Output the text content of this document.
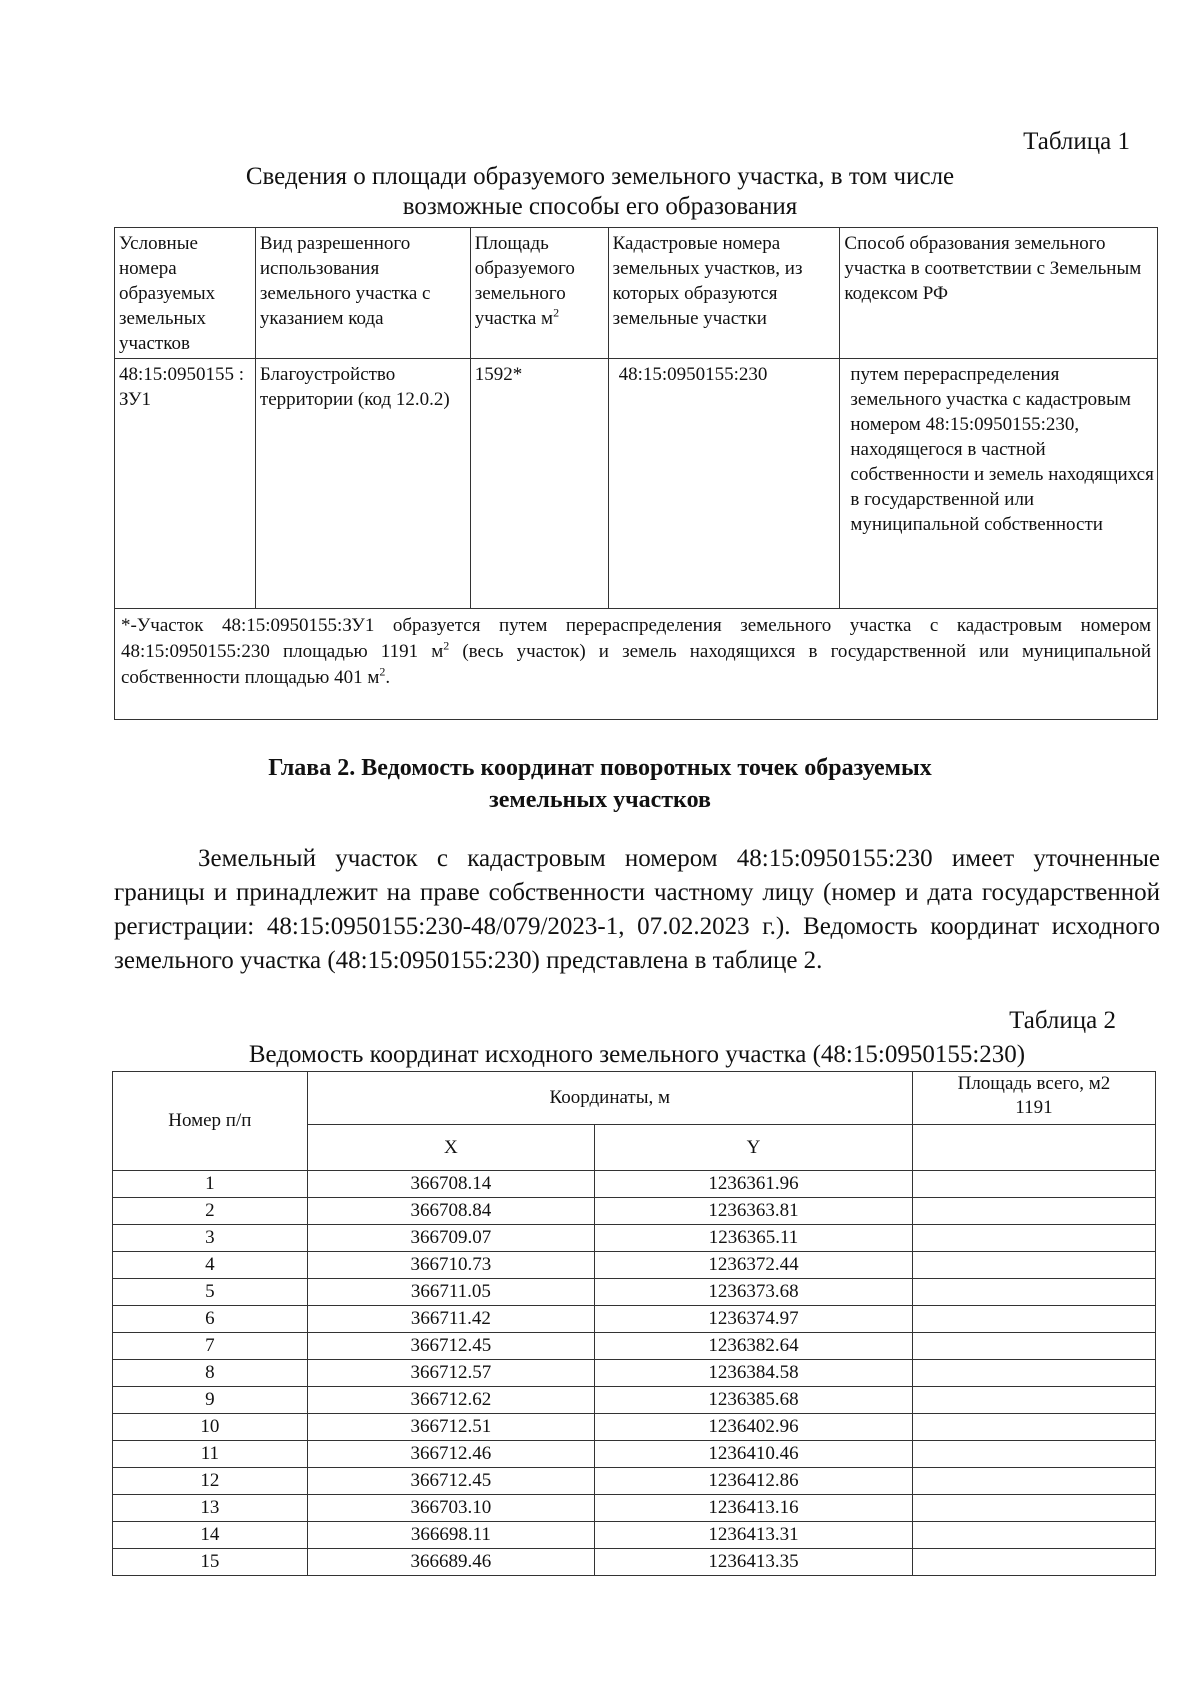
Таблица 1
Сведения о площади образуемого земельного участка, в том числе
возможные способы его образования
Условные номера образуемых земельных участков	Вид разрешенного использования земельного участка с указанием кода	Площадь образуемого земельного участка $м^2$	Кадастровые номера земельных участков, из которых образуются земельные участки	Способ образования земельного участка в соответствии с Земельным кодексом РФ
48:15:0950155 :ЗУ1	Благоустройство территории (код 12.0.2)	1592*	48:15:0950155:230	путем перераспределения земельного участка с кадастровым номером 48:15:0950155:230, находящегося в частной собственности и земель находящихся в государственной или муниципальной собственности
*-Участок 48:15:0950155:ЗУ1 образуется путем перераспределения земельного участка с кадастровым номером 48:15:0950155:230 площадью 1191 $м^2$ (весь участок) и земель находящихся в государственной или муниципальной собственности площадью 401 $м^2$.				
Глава 2. Ведомость координат поворотных точек образуемых
земельных участков
Земельный участок с кадастровым номером 48:15:0950155:230 имеет уточненные границы и принадлежит на праве собственности частному лицу (номер и дата государственной регистрации: 48:15:0950155:230-48/079/2023-1, 07.02.2023 г.). Ведомость координат исходного земельного участка (48:15:0950155:230) представлена в таблице 2.
Таблица 2
Ведомость координат исходного земельного участка (48:15:0950155:230)
Номер п/п	Координаты, м		Площадь всего, м2
1191

	X	Y	
1	366708.14	1236361.96	
2	366708.84	1236363.81	
3	366709.07	1236365.11	
4	366710.73	1236372.44	
5	366711.05	1236373.68	
6	366711.42	1236374.97	
7	366712.45	1236382.64	
8	366712.57	1236384.58	
9	366712.62	1236385.68	
10	366712.51	1236402.96	
11	366712.46	1236410.46	
12	366712.45	1236412.86	
13	366703.10	1236413.16	
14	366698.11	1236413.31	
15	366689.46	1236413.35	
